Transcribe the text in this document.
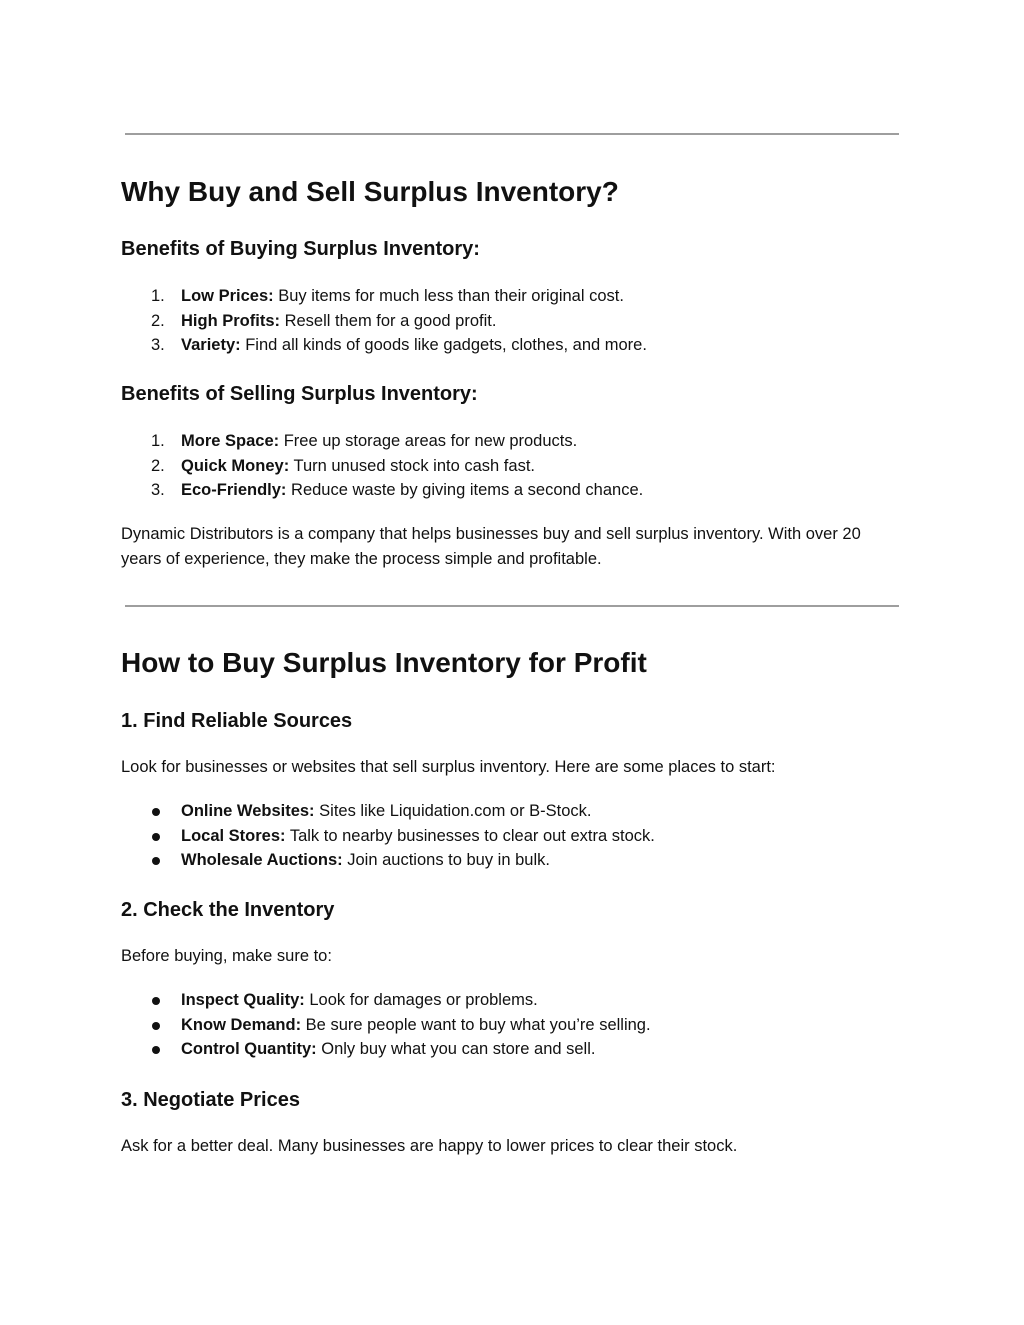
Why Buy and Sell Surplus Inventory?
Benefits of Buying Surplus Inventory:
1. Low Prices: Buy items for much less than their original cost.
2. High Profits: Resell them for a good profit.
3. Variety: Find all kinds of goods like gadgets, clothes, and more.
Benefits of Selling Surplus Inventory:
1. More Space: Free up storage areas for new products.
2. Quick Money: Turn unused stock into cash fast.
3. Eco-Friendly: Reduce waste by giving items a second chance.

Dynamic Distributors is a company that helps businesses buy and sell surplus inventory. With over 20 years of experience, they make the process simple and profitable.

How to Buy Surplus Inventory for Profit
1. Find Reliable Sources

Look for businesses or websites that sell surplus inventory. Here are some places to start:

Online Websites: Sites like Liquidation.com or B-Stock.
Local Stores: Talk to nearby businesses to clear out extra stock.
Wholesale Auctions: Join auctions to buy in bulk.
2. Check the Inventory

Before buying, make sure to:

Inspect Quality: Look for damages or problems.
Know Demand: Be sure people want to buy what you’re selling.
Control Quantity: Only buy what you can store and sell.
3. Negotiate Prices

Ask for a better deal. Many businesses are happy to lower prices to clear their stock.
